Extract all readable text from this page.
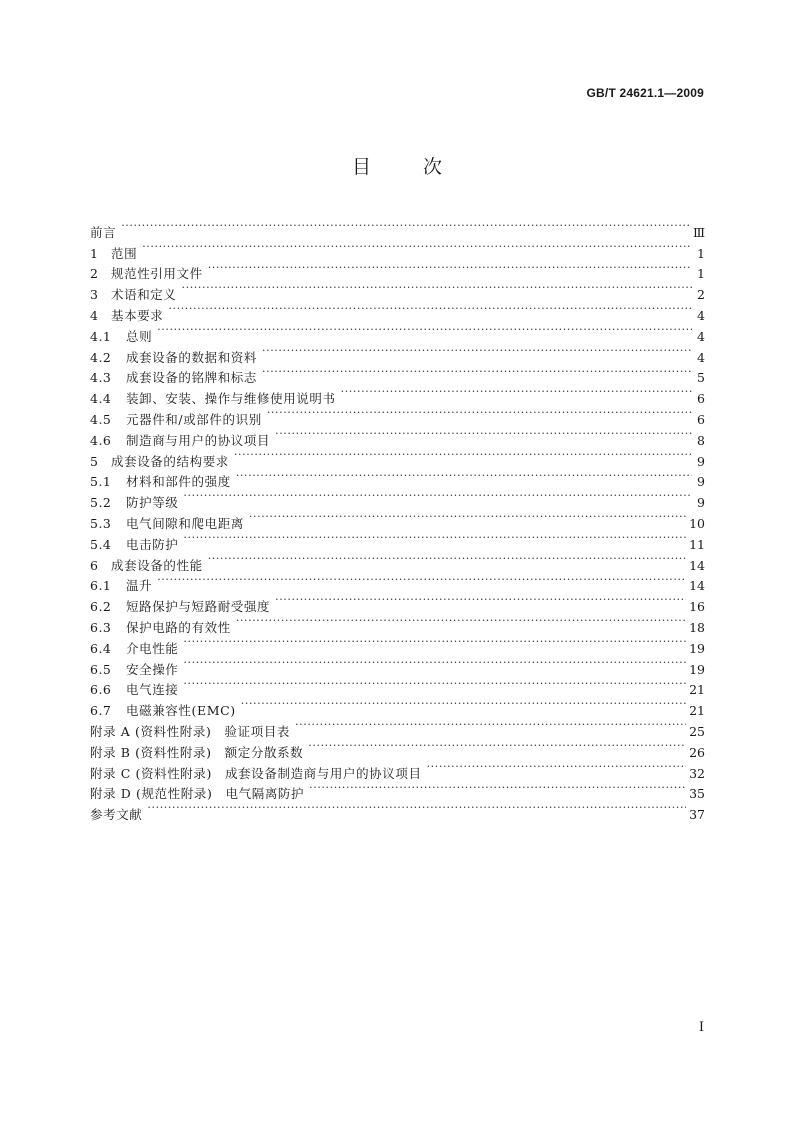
GB/T 24621.1—2009
目次
前言 ·····	Ⅲ
1	范围 ·····	1
2	规范性引用文件 ·····	1
3	术语和定义 ·····	2
4	基本要求 ·····	4
4.1	总则 ·····	4
4.2	成套设备的数据和资料 ·····	4
4.3	成套设备的铭牌和标志 ·····	5
4.4	装卸、安装、操作与维修使用说明书 ·····	6
4.5	元器件和/或部件的识别 ·····	6
4.6	制造商与用户的协议项目 ·····	8
5	成套设备的结构要求 ·····	9
5.1	材料和部件的强度 ·····	9
5.2	防护等级 ·····	9
5.3	电气间隙和爬电距离 ·····	10
5.4	电击防护 ·····	11
6	成套设备的性能 ·····	14
6.1	温升 ·····	14
6.2	短路保护与短路耐受强度 ·····	16
6.3	保护电路的有效性 ·····	18
6.4	介电性能 ·····	19
6.5	安全操作 ·····	19
6.6	电气连接 ·····	21
6.7	电磁兼容性(EMC) ·····	21
附录 A (资料性附录)　验证项目表 ·····	25
附录 B (资料性附录)　额定分散系数 ·····	26
附录 C (资料性附录)　成套设备制造商与用户的协议项目 ·····	32
附录 D (规范性附录)　电气隔离防护 ·····	35
参考文献 ·····	37
I
